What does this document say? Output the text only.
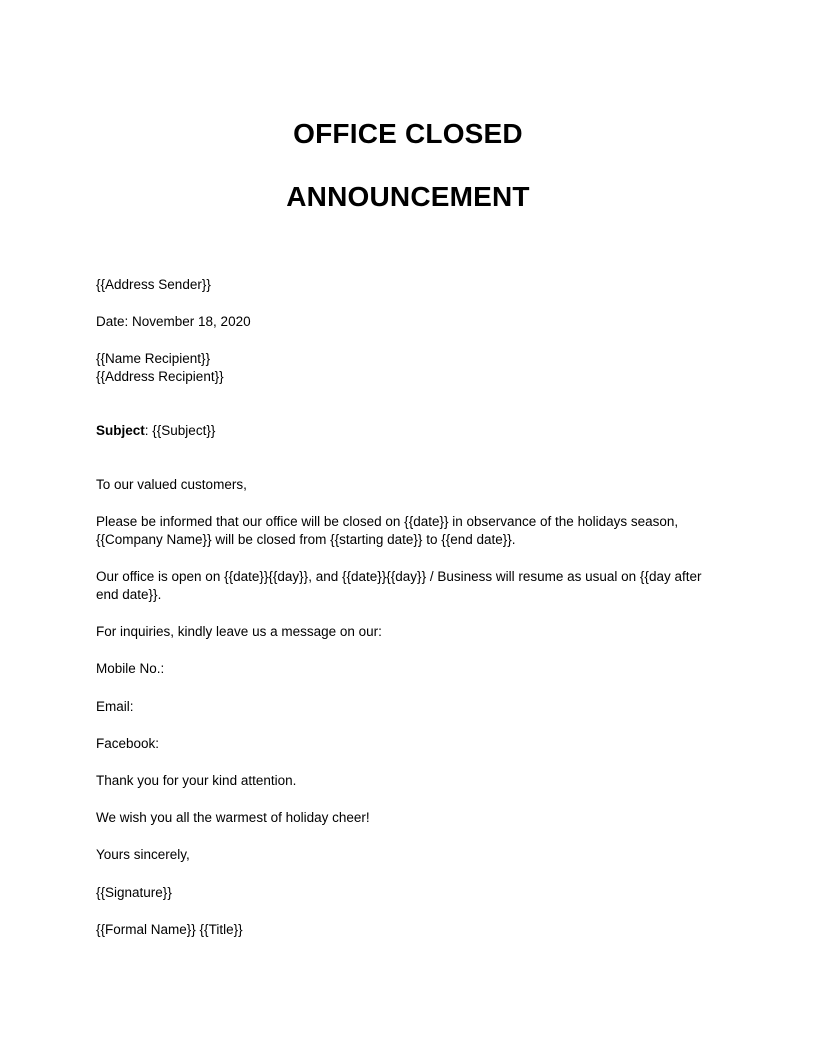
OFFICE CLOSED
ANNOUNCEMENT
{{Address Sender}}
Date: November 18, 2020
{{Name Recipient}}
{{Address Recipient}}
Subject: {{Subject}}
To our valued customers,
Please be informed that our office will be closed on {{date}} in observance of the holidays season,
{{Company Name}} will be closed from {{starting date}} to {{end date}}.
Our office is open on {{date}}{{day}}, and {{date}}{{day}} / Business will resume as usual on {{day after
end date}}.
For inquiries, kindly leave us a message on our:
Mobile No.:
Email:
Facebook:
Thank you for your kind attention.
We wish you all the warmest of holiday cheer!
Yours sincerely,
{{Signature}}
{{Formal Name}} {{Title}}
